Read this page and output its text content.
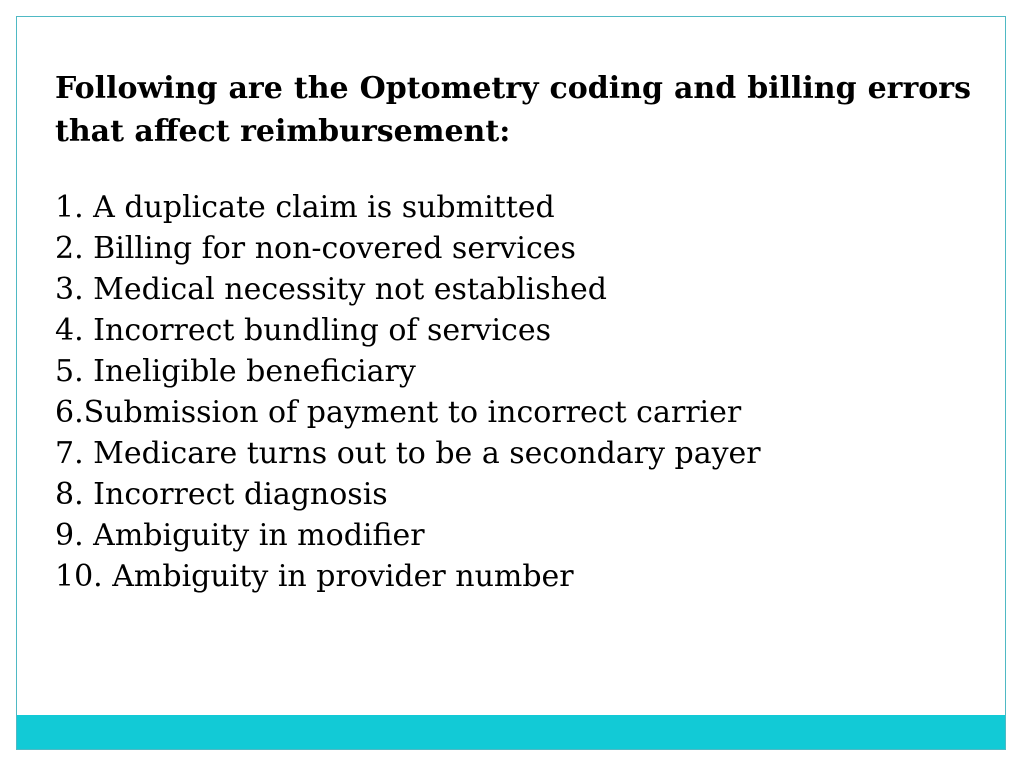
Following are the Optometry coding and billing errors that affect reimbursement:

1. A duplicate claim is submitted
2. Billing for non-covered services
3. Medical necessity not established
4. Incorrect bundling of services
5. Ineligible beneficiary
6.Submission of payment to incorrect carrier
7. Medicare turns out to be a secondary payer
8. Incorrect diagnosis
9. Ambiguity in modifier
10. Ambiguity in provider number
